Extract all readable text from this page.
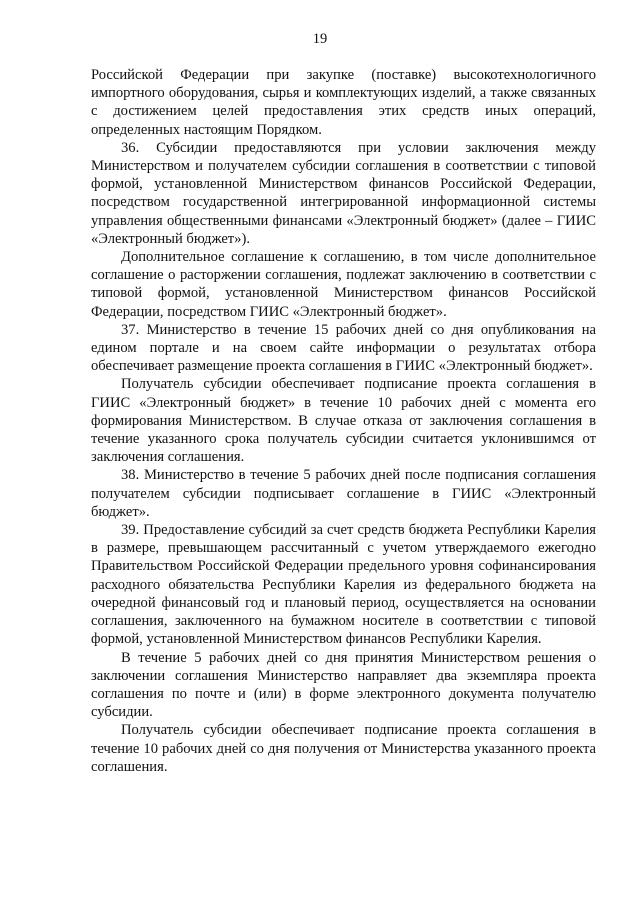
19

Российской Федерации при закупке (поставке) высокотехнологичного импортного оборудования, сырья и комплектующих изделий, а также связанных с достижением целей предоставления этих средств иных операций, определенных настоящим Порядком.

36. Субсидии предоставляются при условии заключения между Министерством и получателем субсидии соглашения в соответствии с типовой формой, установленной Министерством финансов Российской Федерации, посредством государственной интегрированной информационной системы управления общественными финансами «Электронный бюджет» (далее – ГИИС «Электронный бюджет»).

Дополнительное соглашение к соглашению, в том числе дополнительное соглашение о расторжении соглашения, подлежат заключению в соответствии с типовой формой, установленной Министерством финансов Российской Федерации, посредством ГИИС «Электронный бюджет».

37. Министерство в течение 15 рабочих дней со дня опубликования на едином портале и на своем сайте информации о результатах отбора обеспечивает размещение проекта соглашения в ГИИС «Электронный бюджет».

Получатель субсидии обеспечивает подписание проекта соглашения в ГИИС «Электронный бюджет» в течение 10 рабочих дней с момента его формирования Министерством. В случае отказа от заключения соглашения в течение указанного срока получатель субсидии считается уклонившимся от заключения соглашения.

38. Министерство в течение 5 рабочих дней после подписания соглашения получателем субсидии подписывает соглашение в ГИИС «Электронный бюджет».

39. Предоставление субсидий за счет средств бюджета Республики Карелия в размере, превышающем рассчитанный с учетом утверждаемого ежегодно Правительством Российской Федерации предельного уровня софинансирования расходного обязательства Республики Карелия из федерального бюджета на очередной финансовый год и плановый период, осуществляется на основании соглашения, заключенного на бумажном носителе в соответствии с типовой формой, установленной Министерством финансов Республики Карелия.

В течение 5 рабочих дней со дня принятия Министерством решения о заключении соглашения Министерство направляет два экземпляра проекта соглашения по почте и (или) в форме электронного документа получателю субсидии.

Получатель субсидии обеспечивает подписание проекта соглашения в течение 10 рабочих дней со дня получения от Министерства указанного проекта соглашения.
